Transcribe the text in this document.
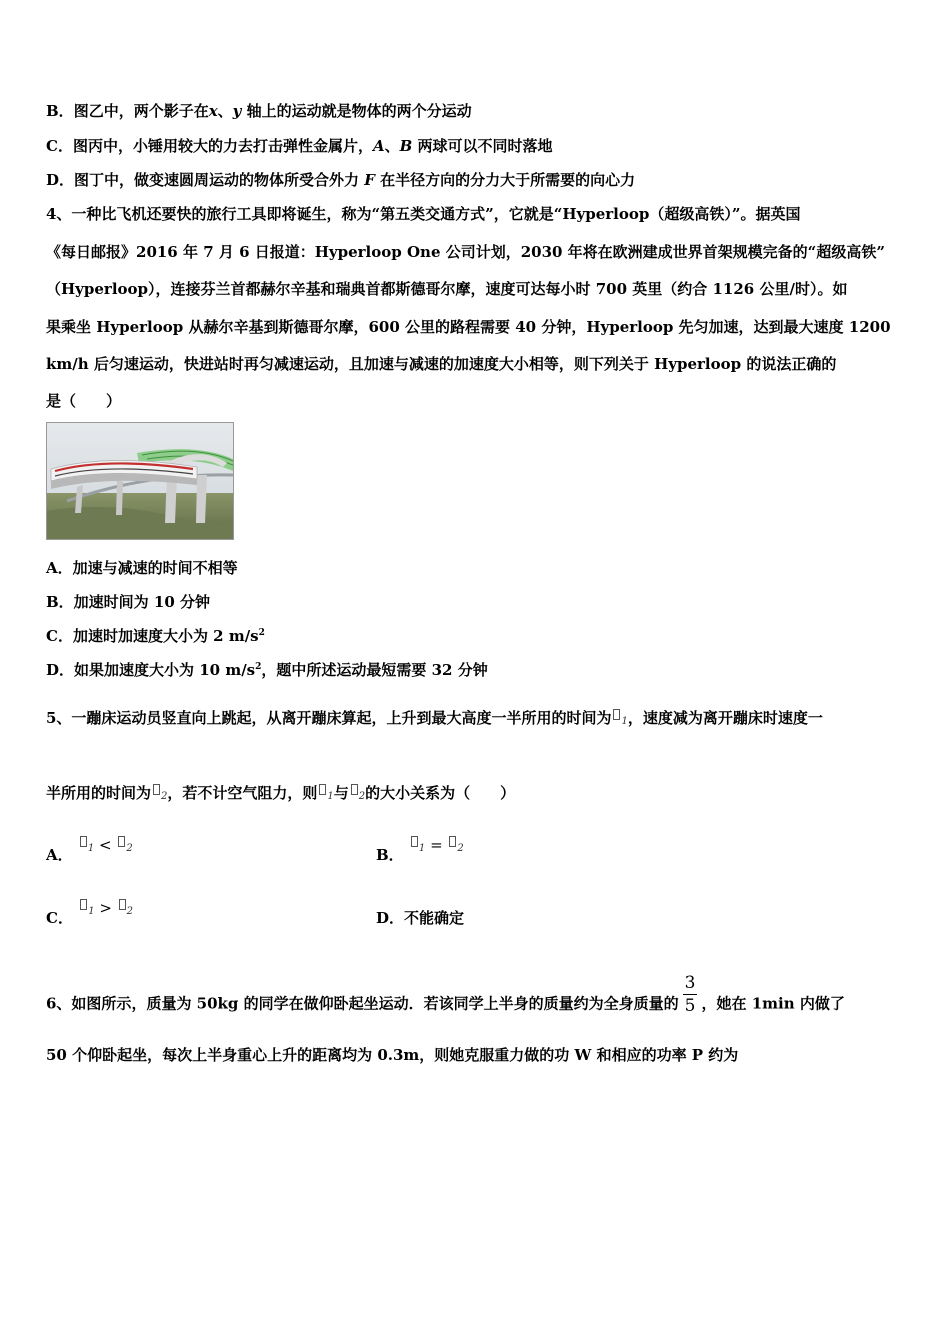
B．图乙中，两个影子在x、y 轴上的运动就是物体的两个分运动
C．图丙中，小锤用较大的力去打击弹性金属片，A、B 两球可以不同时落地
D．图丁中，做变速圆周运动的物体所受合外力 F 在半径方向的分力大于所需要的向心力
4、一种比飞机还要快的旅行工具即将诞生，称为“第五类交通方式”，它就是“Hyperloop（超级高铁）”。据英国
《每日邮报》2016 年 7 月 6 日报道：Hyperloop One 公司计划，2030 年将在欧洲建成世界首架规模完备的“超级高铁”
（Hyperloop），连接芬兰首都赫尔辛基和瑞典首都斯德哥尔摩，速度可达每小时 700 英里（约合 1126 公里/时）。如
果乘坐 Hyperloop 从赫尔辛基到斯德哥尔摩，600 公里的路程需要 40 分钟，Hyperloop 先匀加速，达到最大速度 1200
km/h 后匀速运动，快进站时再匀减速运动，且加速与减速的加速度大小相等，则下列关于 Hyperloop 的说法正确的
是（　　）
A．加速与减速的时间不相等
B．加速时间为 10 分钟
C．加速时加速度大小为 2 $m/s^2$
D．如果加速度大小为 10 $m/s^2$，题中所述运动最短需要 32 分钟
5、一蹦床运动员竖直向上跳起，从离开蹦床算起，上升到最大高度一半所用的时间为 1，速度减为离开蹦床时速度一
半所用的时间为 2，若不计空气阻力，则 1与 2的大小关系为（　　）
A． 1 < 2	B． 1 = 2
C． 1 > 2	D．不能确定
6、如图所示，质量为 50kg 的同学在做仰卧起坐运动．若该同学上半身的质量约为全身质量的 $\frac{3}{5}$ ，她在 1min 内做了
50 个仰卧起坐，每次上半身重心上升的距离均为 0.3m，则她克服重力做的功 W 和相应的功率 P 约为
